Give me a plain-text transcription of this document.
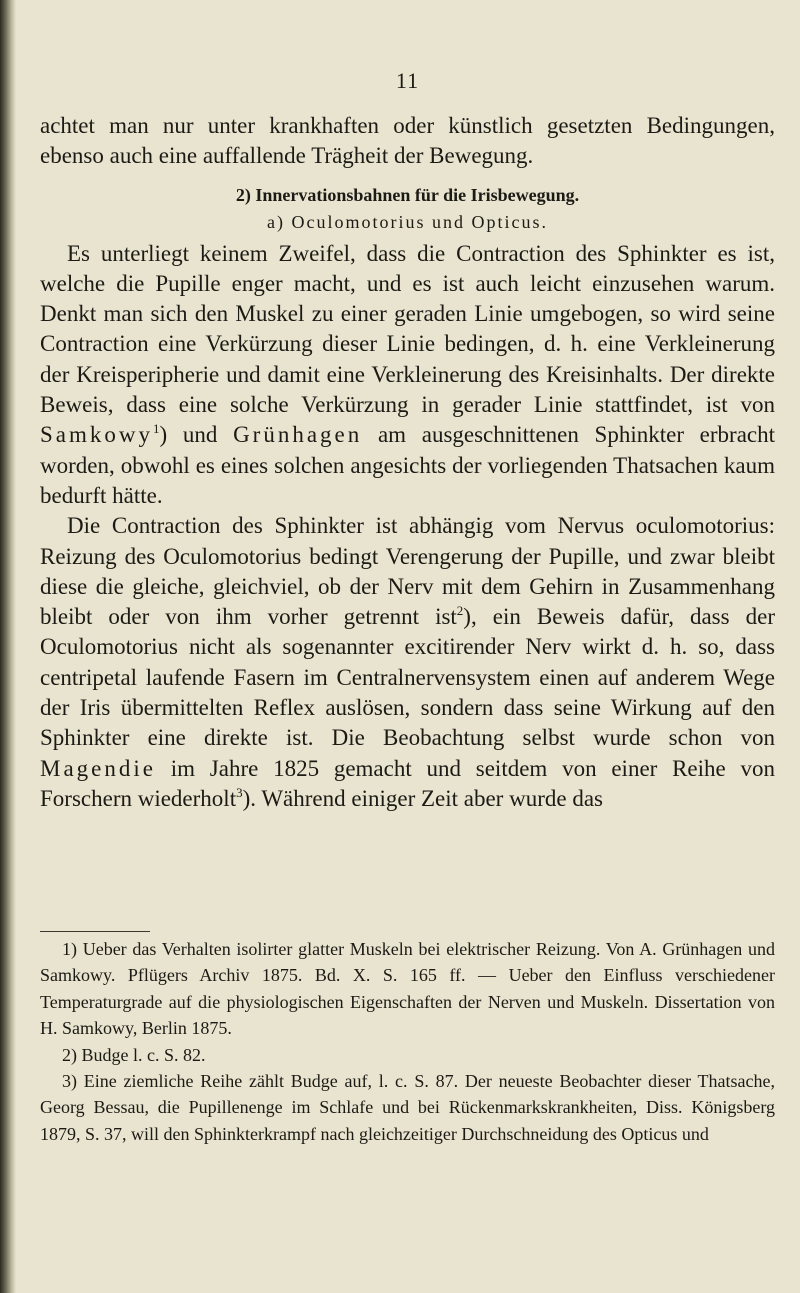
11

achtet man nur unter krankhaften oder künstlich gesetzten Bedingungen, ebenso auch eine auffallende Trägheit der Bewegung.

2) Innervationsbahnen für die Irisbewegung.

a) Oculomotorius und Opticus.

Es unterliegt keinem Zweifel, dass die Contraction des Sphinkter es ist, welche die Pupille enger macht, und es ist auch leicht einzusehen warum. Denkt man sich den Muskel zu einer geraden Linie umgebogen, so wird seine Contraction eine Verkürzung dieser Linie bedingen, d. h. eine Verkleinerung der Kreisperipherie und damit eine Verkleinerung des Kreisinhalts. Der direkte Beweis, dass eine solche Verkürzung in gerader Linie stattfindet, ist von Samkowy$^1$) und Grünhagen am ausgeschnittenen Sphinkter erbracht worden, obwohl es eines solchen angesichts der vorliegenden Thatsachen kaum bedurft hätte.

Die Contraction des Sphinkter ist abhängig vom Nervus oculomotorius: Reizung des Oculomotorius bedingt Verengerung der Pupille, und zwar bleibt diese die gleiche, gleichviel, ob der Nerv mit dem Gehirn in Zusammenhang bleibt oder von ihm vorher getrennt ist$^2$), ein Beweis dafür, dass der Oculomotorius nicht als sogenannter excitirender Nerv wirkt d. h. so, dass centripetal laufende Fasern im Centralnervensystem einen auf anderem Wege der Iris übermittelten Reflex auslösen, sondern dass seine Wirkung auf den Sphinkter eine direkte ist. Die Beobachtung selbst wurde schon von Magendie im Jahre 1825 gemacht und seitdem von einer Reihe von Forschern wiederholt$^3$). Während einiger Zeit aber wurde das

1) Ueber das Verhalten isolirter glatter Muskeln bei elektrischer Reizung. Von A. Grünhagen und Samkowy. Pflügers Archiv 1875. Bd. X. S. 165 ff. — Ueber den Einfluss verschiedener Temperaturgrade auf die physiologischen Eigenschaften der Nerven und Muskeln. Dissertation von H. Samkowy, Berlin 1875.

2) Budge l. c. S. 82.

3) Eine ziemliche Reihe zählt Budge auf, l. c. S. 87. Der neueste Beobachter dieser Thatsache, Georg Bessau, die Pupillenenge im Schlafe und bei Rückenmarkskrankheiten, Diss. Königsberg 1879, S. 37, will den Sphinkterkrampf nach gleichzeitiger Durchschneidung des Opticus und
